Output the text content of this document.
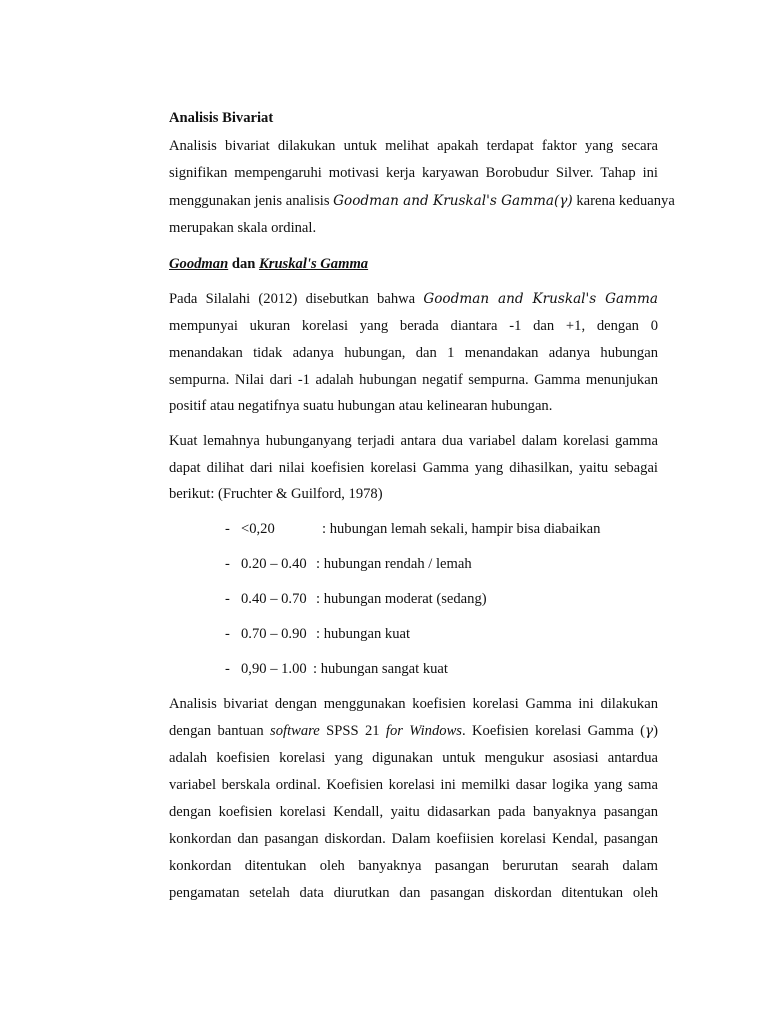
Analisis Bivariat
Analisis bivariat dilakukan untuk melihat apakah terdapat faktor yang secara
signifikan mempengaruhi motivasi kerja karyawan Borobudur Silver. Tahap ini
menggunakan jenis analisis Goodman and Kruskal's Gamma(γ) karena keduanya
merupakan skala ordinal.
Goodman dan Kruskal's Gamma
Pada Silalahi (2012) disebutkan bahwa Goodman and Kruskal's Gamma
mempunyai ukuran korelasi yang berada diantara -1 dan +1, dengan 0
menandakan tidak adanya hubungan, dan 1 menandakan adanya hubungan
sempurna. Nilai dari -1 adalah hubungan negatif sempurna. Gamma menunjukan
positif atau negatifnya suatu hubungan atau kelinearan hubungan.
Kuat lemahnya hubunganyang terjadi antara dua variabel dalam korelasi gamma
dapat dilihat dari nilai koefisien korelasi Gamma yang dihasilkan, yaitu sebagai
berikut: (Fruchter & Guilford, 1978)
Analisis bivariat dengan menggunakan koefisien korelasi Gamma ini dilakukan
dengan bantuan software SPSS 21 for Windows. Koefisien korelasi Gamma (γ)
adalah koefisien korelasi yang digunakan untuk mengukur asosiasi antardua
variabel berskala ordinal. Koefisien korelasi ini memilki dasar logika yang sama
dengan koefisien korelasi Kendall, yaitu didasarkan pada banyaknya pasangan
konkordan dan pasangan diskordan. Dalam koefiisien korelasi Kendal, pasangan
konkordan ditentukan oleh banyaknya pasangan berurutan searah dalam
pengamatan setelah data diurutkan dan pasangan diskordan ditentukan oleh
- <0,20	: hubungan lemah sekali, hampir bisa diabaikan
- 0.20 – 0.40 : hubungan rendah / lemah
- 0.40 – 0.70 : hubungan moderat (sedang)
- 0.70 – 0.90 : hubungan kuat
- 0,90 – 1.00 : hubungan sangat kuat
